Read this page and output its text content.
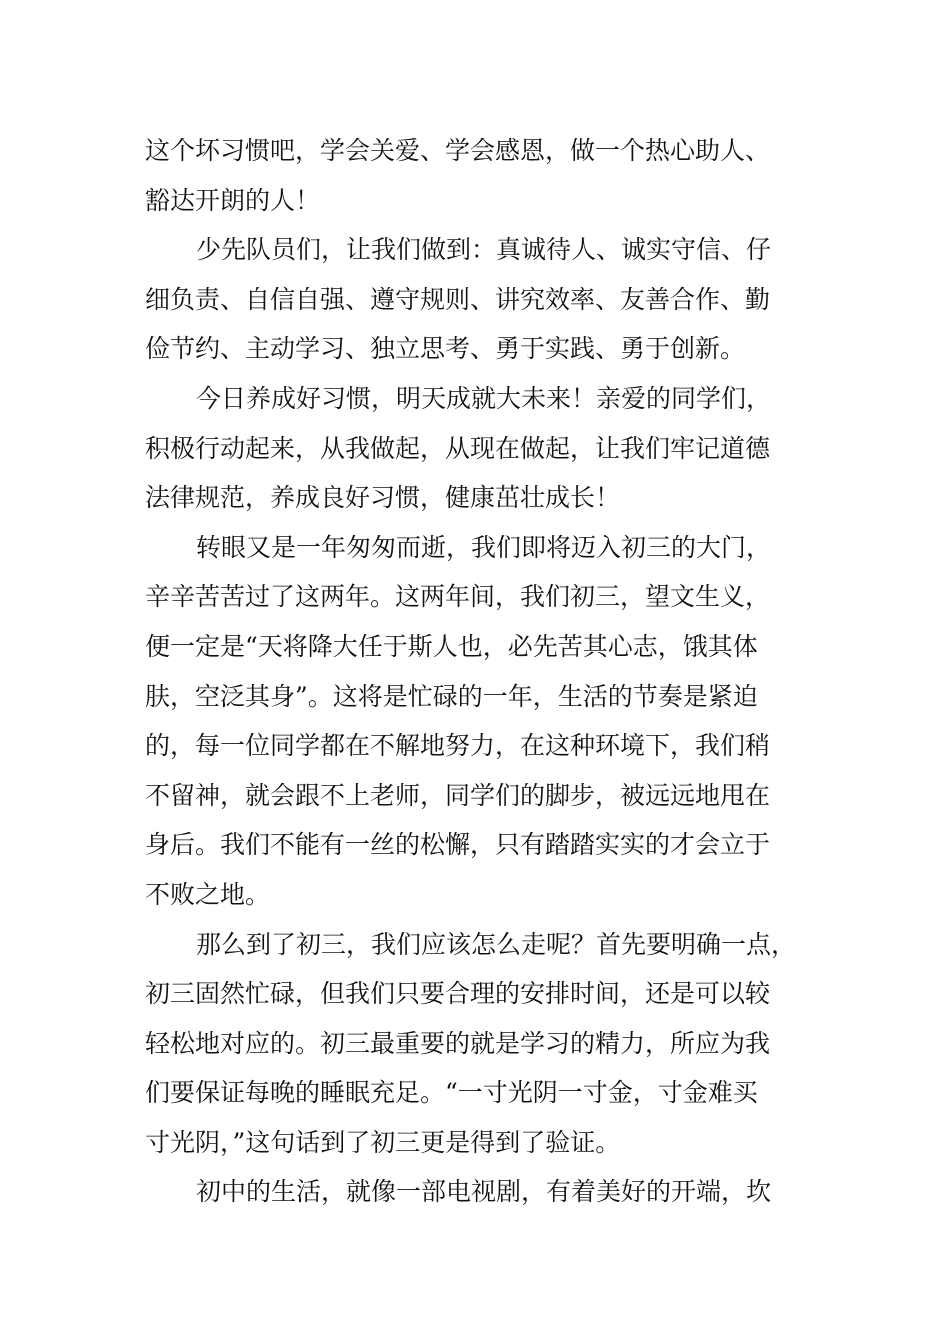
这个坏习惯吧，学会关爱、学会感恩，做一个热心助人、
豁达开朗的人！
少先队员们，让我们做到：真诚待人、诚实守信、仔
细负责、自信自强、遵守规则、讲究效率、友善合作、勤
俭节约、主动学习、独立思考、勇于实践、勇于创新。
今日养成好习惯，明天成就大未来！亲爱的同学们，
积极行动起来，从我做起，从现在做起，让我们牢记道德
法律规范，养成良好习惯，健康茁壮成长！
转眼又是一年匆匆而逝，我们即将迈入初三的大门，
辛辛苦苦过了这两年。这两年间，我们初三，望文生义，
便一定是“天将降大任于斯人也，必先苦其心志，饿其体
肤，空泛其身”。这将是忙碌的一年，生活的节奏是紧迫
的，每一位同学都在不解地努力，在这种环境下，我们稍
不留神，就会跟不上老师，同学们的脚步，被远远地甩在
身后。我们不能有一丝的松懈，只有踏踏实实的才会立于
不败之地。
那么到了初三，我们应该怎么走呢？首先要明确一点，
初三固然忙碌，但我们只要合理的安排时间，还是可以较
轻松地对应的。初三最重要的就是学习的精力，所应为我
们要保证每晚的睡眠充足。“一寸光阴一寸金，寸金难买
寸光阴，”这句话到了初三更是得到了验证。
初中的生活，就像一部电视剧，有着美好的开端，坎
